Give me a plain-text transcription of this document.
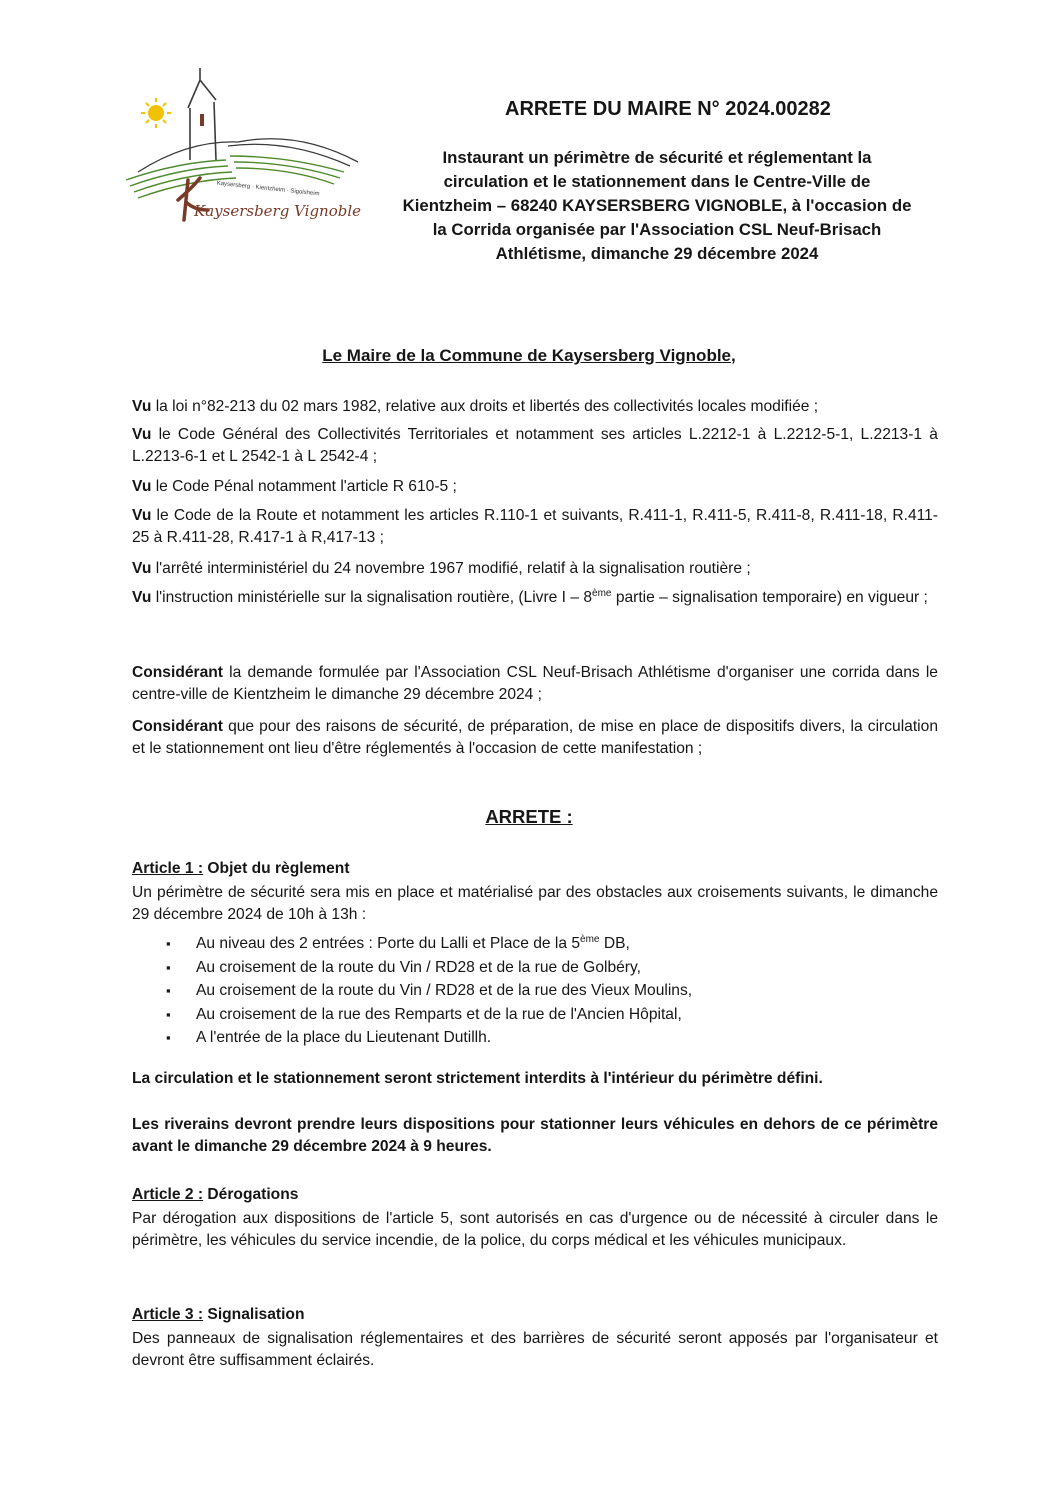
Kaysersberg · Kientzheim · Sigolsheim
Kaysersberg Vignoble
ARRETE DU MAIRE N° 2024.00282
Instaurant un périmètre de sécurité et réglementant la
circulation et le stationnement dans le Centre-Ville de
Kientzheim – 68240 KAYSERSBERG VIGNOBLE, à l'occasion de
la Corrida organisée par l'Association CSL Neuf-Brisach
Athlétisme, dimanche 29 décembre 2024
Le Maire de la Commune de Kaysersberg Vignoble,
Vu la loi n°82-213 du 02 mars 1982, relative aux droits et libertés des collectivités locales modifiée ;
Vu le Code Général des Collectivités Territoriales et notamment ses articles L.2212-1 à L.2212-5-1, L.2213-1 à L.2213-6-1 et L 2542-1 à L 2542-4 ;
Vu le Code Pénal notamment l'article R 610-5 ;
Vu le Code de la Route et notamment les articles R.110-1 et suivants, R.411-1, R.411-5, R.411-8, R.411-18, R.411-25 à R.411-28, R.417-1 à R,417-13 ;
Vu l'arrêté interministériel du 24 novembre 1967 modifié, relatif à la signalisation routière ;
Vu l'instruction ministérielle sur la signalisation routière, (Livre I – 8ème partie – signalisation temporaire) en vigueur ;
Considérant la demande formulée par l'Association CSL Neuf-Brisach Athlétisme d'organiser une corrida dans le centre-ville de Kientzheim le dimanche 29 décembre 2024 ;
Considérant que pour des raisons de sécurité, de préparation, de mise en place de dispositifs divers, la circulation et le stationnement ont lieu d'être réglementés à l'occasion de cette manifestation ;
ARRETE :
Article 1 : Objet du règlement
Un périmètre de sécurité sera mis en place et matérialisé par des obstacles aux croisements suivants, le dimanche 29 décembre 2024 de 10h à 13h :
▪ Au niveau des 2 entrées : Porte du Lalli et Place de la 5ème DB,
▪ Au croisement de la route du Vin / RD28 et de la rue de Golbéry,
▪ Au croisement de la route du Vin / RD28 et de la rue des Vieux Moulins,
▪ Au croisement de la rue des Remparts et de la rue de l'Ancien Hôpital,
▪ A l'entrée de la place du Lieutenant Dutillh.
La circulation et le stationnement seront strictement interdits à l'intérieur du périmètre défini.
Les riverains devront prendre leurs dispositions pour stationner leurs véhicules en dehors de ce périmètre avant le dimanche 29 décembre 2024 à 9 heures.
Article 2 : Dérogations
Par dérogation aux dispositions de l'article 5, sont autorisés en cas d'urgence ou de nécessité à circuler dans le périmètre, les véhicules du service incendie, de la police, du corps médical et les véhicules municipaux.
Article 3 : Signalisation
Des panneaux de signalisation réglementaires et des barrières de sécurité seront apposés par l'organisateur et devront être suffisamment éclairés.
